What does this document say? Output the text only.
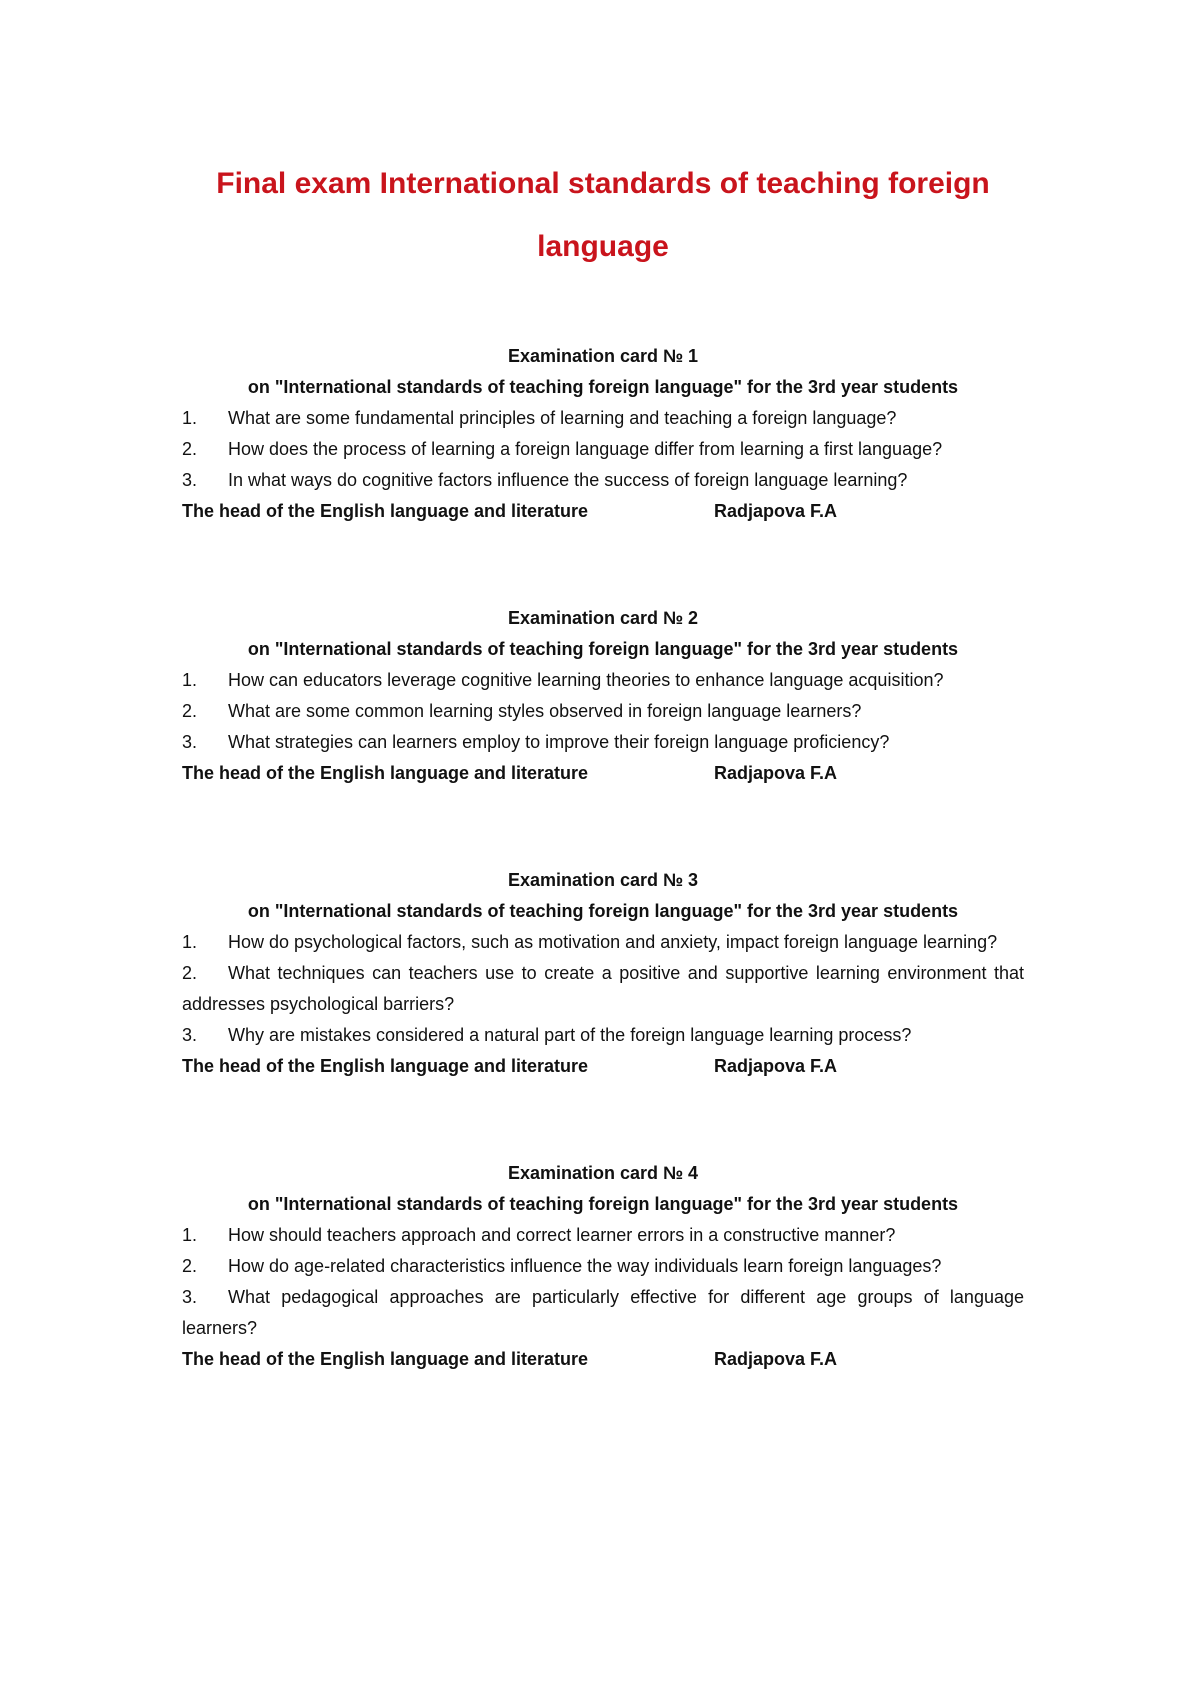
Final exam International standards of teaching foreign
language

Examination card № 1

on "International standards of teaching foreign language" for the 3rd year students

1. What are some fundamental principles of learning and teaching a foreign language?
2. How does the process of learning a foreign language differ from learning a first language?
3. In what ways do cognitive factors influence the success of foreign language learning?
The head of the English language and literature	Radjapova F.A

Examination card № 2

on "International standards of teaching foreign language" for the 3rd year students

1. How can educators leverage cognitive learning theories to enhance language acquisition?
2. What are some common learning styles observed in foreign language learners?
3. What strategies can learners employ to improve their foreign language proficiency?
The head of the English language and literature	Radjapova F.A

Examination card № 3

on "International standards of teaching foreign language" for the 3rd year students

1. How do psychological factors, such as motivation and anxiety, impact foreign language learning?
2. What techniques can teachers use to create a positive and supportive learning environment that addresses psychological barriers?
3. Why are mistakes considered a natural part of the foreign language learning process?
The head of the English language and literature	Radjapova F.A

Examination card № 4

on "International standards of teaching foreign language" for the 3rd year students

1. How should teachers approach and correct learner errors in a constructive manner?
2. How do age-related characteristics influence the way individuals learn foreign languages?
3. What pedagogical approaches are particularly effective for different age groups of language learners?
The head of the English language and literature	Radjapova F.A
